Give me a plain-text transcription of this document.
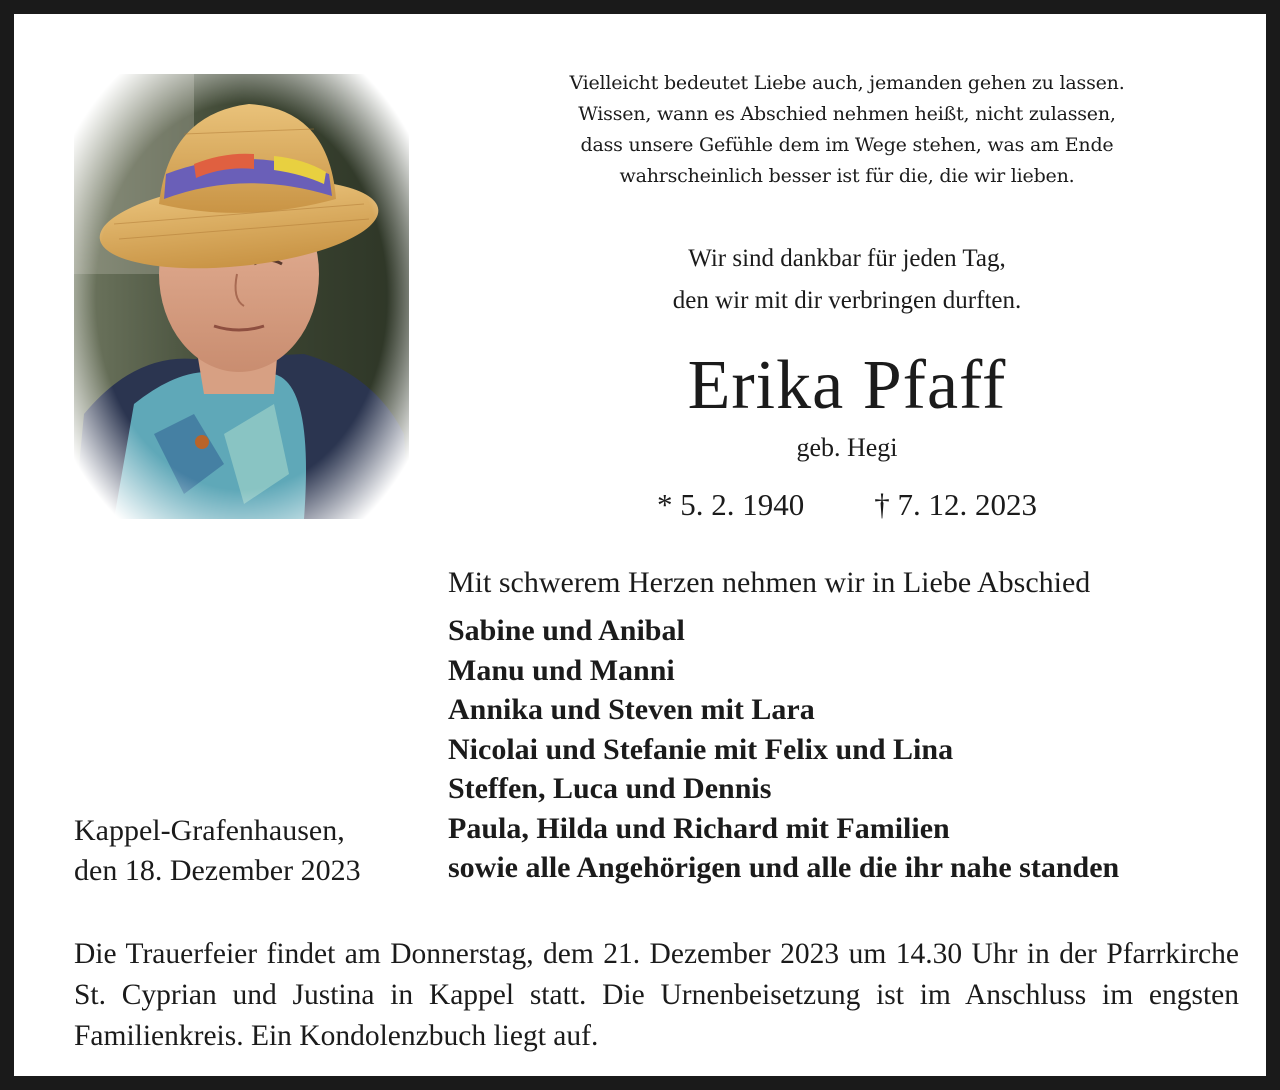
Vielleicht bedeutet Liebe auch, jemanden gehen zu lassen.
Wissen, wann es Abschied nehmen heißt, nicht zulassen,
dass unsere Gefühle dem im Wege stehen, was am Ende
wahrscheinlich besser ist für die, die wir lieben.
Wir sind dankbar für jeden Tag,
den wir mit dir verbringen durften.
Erika Pfaff
geb. Hegi
* 5. 2. 1940 † 7. 12. 2023
Mit schwerem Herzen nehmen wir in Liebe Abschied
Sabine und Anibal
Manu und Manni
Annika und Steven mit Lara
Nicolai und Stefanie mit Felix und Lina
Steffen, Luca und Dennis
Paula, Hilda und Richard mit Familien
sowie alle Angehörigen und alle die ihr nahe standen
Kappel-Grafenhausen,
den 18. Dezember 2023
Die Trauerfeier findet am Donnerstag, dem 21. Dezember 2023 um 14.30 Uhr in der Pfarrkirche St. Cyprian und Justina in Kappel statt. Die Urnenbeisetzung ist im Anschluss im engsten Familienkreis. Ein Kondolenzbuch liegt auf.
